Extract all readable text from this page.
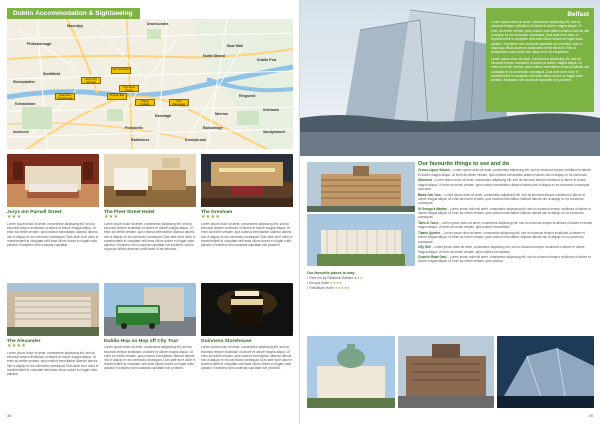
Dublin Accommodation & Sightseeing
Mountjoy	Drumcondra
Phibsborough
Smithfield
Stoneybatter
Ballsbridge
Ringsend
Portobello
Rathmines	Donnybrook
Kilmainham
Inchicore
Dublin Port
East Wall
North Strand
Irishtown
Sandymount
Ranelagh	Merrion
Jurys Inn Parnell
The Fleet Street
The Gresham
The Alexander
Trinity College
Guinness Storehouse
Temple Bar
Jurys Inn Parnell Street
★★★

Lorem ipsum dolor sit amet, consectetur adipiscing elit, sed do eiusmod tempor incididunt ut labore et dolore magna aliqua. Ut enim ad minim veniam, quis nostrud exercitation ullamco laboris nisi ut aliquip ex ea commodo consequat. Duis aute irure dolor in reprehenderit in voluptate velit esse cillum dolore eu fugiat nulla pariatur. Excepteur sint occaecat cupidatat.

The Fleet Street Hotel
★★★

Lorem ipsum dolor sit amet, consectetur adipiscing elit, sed do eiusmod tempor incididunt ut labore et dolore magna aliqua. Ut enim ad minim veniam, quis nostrud exercitation ullamco laboris nisi ut aliquip ex ea commodo consequat. Duis aute irure dolor in reprehenderit in voluptate velit esse cillum dolore eu fugiat nulla pariatur. Excepteur sint occaecat cupidatat non proident, sunt in culpa qui officia deserunt mollit anim id est laborum.

The Gresham
★★★★

Lorem ipsum dolor sit amet, consectetur adipiscing elit, sed do eiusmod tempor incididunt ut labore et dolore magna aliqua. Ut enim ad minim veniam, quis nostrud exercitation ullamco laboris nisi ut aliquip ex ea commodo consequat. Duis aute irure dolor in reprehenderit in voluptate velit esse cillum dolore eu fugiat nulla pariatur. Excepteur sint occaecat cupidatat non proident.

The Alexander
★★★★

Lorem ipsum dolor sit amet, consectetur adipiscing elit, sed do eiusmod tempor incididunt ut labore et dolore magna aliqua. Ut enim ad minim veniam, quis nostrud exercitation ullamco laboris nisi ut aliquip ex ea commodo consequat. Duis aute irure dolor in reprehenderit in voluptate velit esse cillum dolore eu fugiat nulla pariatur.

Dublin Hop on Hop off City Tour

Lorem ipsum dolor sit amet, consectetur adipiscing elit, sed do eiusmod tempor incididunt ut labore et dolore magna aliqua. Ut enim ad minim veniam, quis nostrud exercitation ullamco laboris nisi ut aliquip ex ea commodo consequat. Duis aute irure dolor in reprehenderit in voluptate velit esse cillum dolore eu fugiat nulla pariatur. Excepteur sint occaecat cupidatat non proident.

Guinness Storehouse

Lorem ipsum dolor sit amet, consectetur adipiscing elit, sed do eiusmod tempor incididunt ut labore et dolore magna aliqua. Ut enim ad minim veniam, quis nostrud exercitation ullamco laboris nisi ut aliquip ex ea commodo consequat. Duis aute irure dolor in reprehenderit in voluptate velit esse cillum dolore eu fugiat nulla pariatur. Excepteur sint occaecat cupidatat non proident.

38
Belfast

Lorem ipsum dolor sit amet, consectetur adipiscing elit, sed do eiusmod tempor incididunt ut labore et dolore magna aliqua. Ut enim ad minim veniam, quis nostrud exercitation ullamco laboris nisi ut aliquip ex ea commodo consequat. Duis aute irure dolor in reprehenderit in voluptate velit esse cillum dolore eu fugiat nulla pariatur. Excepteur sint occaecat cupidatat non proident, sunt in culpa qui officia deserunt mollit anim id est laborum. Sed ut perspiciatis unde omnis iste natus error sit voluptatem.

Lorem ipsum dolor sit amet, consectetur adipiscing elit, sed do eiusmod tempor incididunt ut labore et dolore magna aliqua. Ut enim ad minim veniam, quis nostrud exercitation ullamco laboris nisi ut aliquip ex ea commodo consequat. Duis aute irure dolor in reprehenderit in voluptate velit esse cillum dolore eu fugiat nulla pariatur. Excepteur sint occaecat cupidatat non proident.

Our favourite places to stay:
• Park Inn by Radisson Belfast ★★★
• Europa Hotel ★★★★
• Fitzwilliam Hotel ★★★★★
Our favourite things to see and do

Crown Liquor Saloon – Lorem ipsum dolor sit amet, consectetur adipiscing elit, sed do eiusmod tempor incididunt ut labore et dolore magna aliqua. Ut enim ad minim veniam, quis nostrud exercitation ullamco laboris nisi ut aliquip ex ea commodo.

Stormont – Lorem ipsum dolor sit amet, consectetur adipiscing elit, sed do eiusmod tempor incididunt ut labore et dolore magna aliqua. Ut enim ad minim veniam, quis nostrud exercitation ullamco laboris nisi ut aliquip ex ea commodo consequat duis aute.

Black Cab Tour – Lorem ipsum dolor sit amet, consectetur adipiscing elit, sed do eiusmod tempor incididunt ut labore et dolore magna aliqua. Ut enim ad minim veniam, quis nostrud exercitation ullamco laboris nisi ut aliquip ex ea commodo consequat.

St George's Market – Lorem ipsum dolor sit amet, consectetur adipiscing elit, sed do eiusmod tempor incididunt ut labore et dolore magna aliqua. Ut enim ad minim veniam, quis nostrud exercitation ullamco laboris nisi ut aliquip ex ea commodo consequat.

Tales & Tours – Lorem ipsum dolor sit amet, consectetur adipiscing elit, sed do eiusmod tempor incididunt ut labore et dolore magna aliqua. Ut enim ad minim veniam, quis nostrud exercitation.

Titanic Quarter – Lorem ipsum dolor sit amet, consectetur adipiscing elit, sed do eiusmod tempor incididunt ut labore et dolore magna aliqua. Ut enim ad minim veniam, quis nostrud exercitation ullamco laboris nisi ut aliquip ex ea commodo consequat.

City Hall – Lorem ipsum dolor sit amet, consectetur adipiscing elit, sed do eiusmod tempor incididunt ut labore et dolore magna aliqua. Ut enim ad minim veniam, quis nostrud exercitation.

Crumlin Road Gaol – Lorem ipsum dolor sit amet, consectetur adipiscing elit, sed do eiusmod tempor incididunt ut labore et dolore magna aliqua. Ut enim ad minim veniam, quis nostrud.

39
